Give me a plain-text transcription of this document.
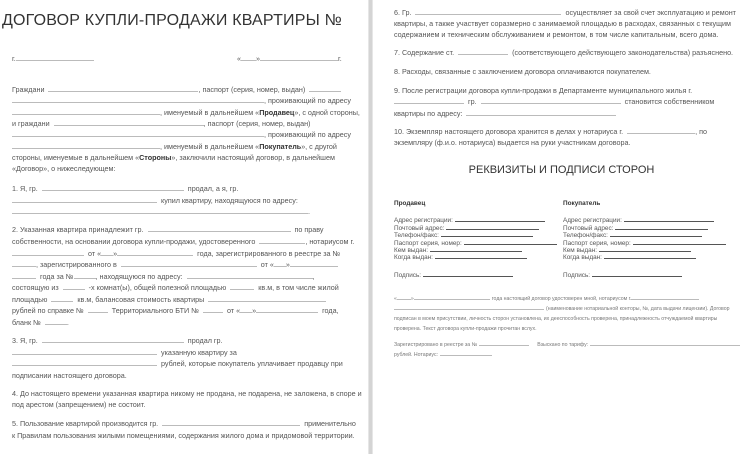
ДОГОВОР КУПЛИ-ПРОДАЖИ КВАРТИРЫ №
г.	« »	г.
Граждани	, паспорт (серия, номер, выдан)
, проживающий по адресу
, именуемый в дальнейшем «Продавец», с одной стороны,
и граждани	, паспорт (серия, номер, выдан)
, проживающий по адресу
, именуемый в дальнейшем «Покупатель», с другой
стороны, именуемые в дальнейшем «Стороны», заключили настоящий договор, в дальнейшем
«Договор», о нижеследующем:
1. Я, гр.	продал, а я, гр.
купил квартиру, находящуюся по адресу:
.
2. Указанная квартира принадлежит гр.	по праву
собственности, на основании договора купли-продажи, удостоверенного	, нотариусом г.
от « »	года, зарегистрированного в реестре за №
, зарегистрированного в	от « »
года за №	, находящуюся по адресу:	,
состоящую из	-х комнат(ы), общей полезной площадью	кв.м, в том числе жилой
площадью	кв.м, балансовая стоимость квартиры
рублей по справке №	Территориального БТИ №	от « »	года,
бланк №	.
3. Я, гр.	продал гр.
указанную квартиру за
рублей, которые покупатель уплачивает продавцу при
подписании настоящего договора.
4. До настоящего времени указанная квартира никому не продана, не подарена, не заложена, в споре и
под арестом (запрещением) не состоит.
5. Пользование квартирой производится гр.	применительно
к Правилам пользования жилыми помещениями, содержания жилого дома и придомовой территории.
6. Гр.	осуществляет за свой счет эксплуатацию и ремонт
квартиры, а также участвует соразмерно с занимаемой площадью в расходах, связанных с текущим
содержанием и техническим обслуживанием и ремонтом, в том числе капитальным, всего дома.
7. Содержание ст.	(соответствующего действующего законодательства) разъяснено.
8. Расходы, связанные с заключением договора оплачиваются покупателем.
9. После регистрации договора купли-продажи в Департаменте муниципального жилья г.
гр.	становится собственником
квартиры по адресу:
10. Экземпляр настоящего договора хранится в делах у нотариуса г.	, по
экземпляру (ф.и.о. нотариуса) выдается на руки участникам договора.
РЕКВИЗИТЫ И ПОДПИСИ СТОРОН
Продавец
Адрес регистрации:
Почтовый адрес:
Телефон/факс:
Паспорт серия, номер:
Кем выдан:
Когда выдан:
Подпись:
Покупатель
Адрес регистрации:
Почтовый адрес:
Телефон/факс:
Паспорт серия, номер:
Кем выдан:
Когда выдан:
Подпись:
«	»	года настоящий договор удостоверен мной, нотариусом г.
(наименование нотариальной конторы, №, дата выдачи лицензии). Договор
подписан в моем присутствии, личность сторон установлена, их дееспособность проверена, принадлежность отчуждаемой квартиры
проверена. Текст договора купли-продажи прочитан вслух.
Зарегистрировано в реестре за №	Взыскано по тарифу:
рублей. Нотариус:
